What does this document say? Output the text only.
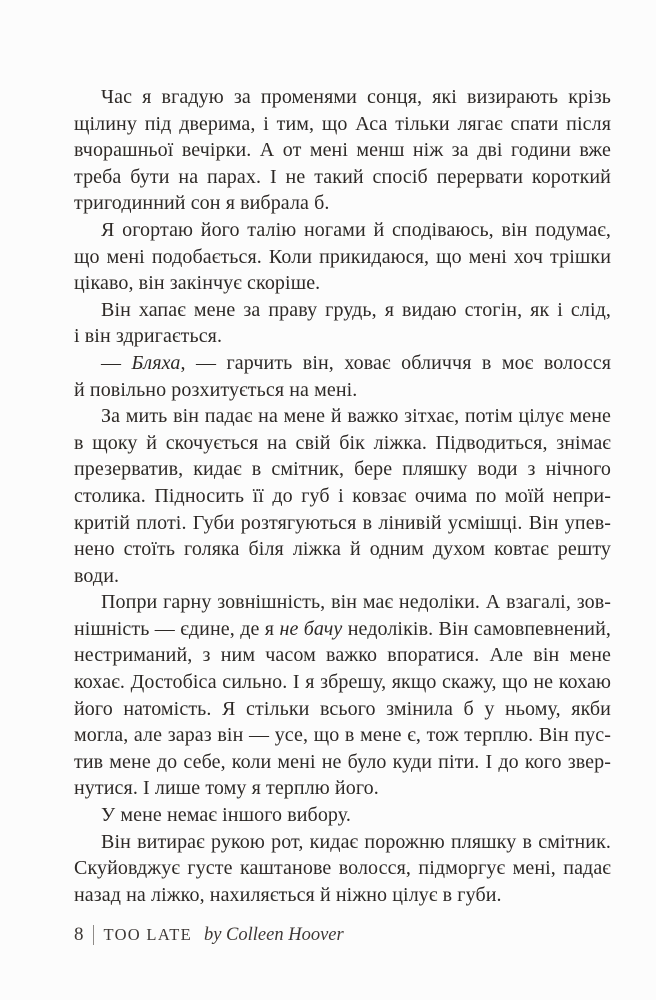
Час я вгадую за променями сонця, які визирають крізь
щілину під дверима, і тим, що Аса тільки лягає спати після
вчорашньої вечірки. А от мені менш ніж за дві години вже
треба бути на парах. І не такий спосіб перервати короткий
тригодинний сон я вибрала б.
Я огортаю його талію ногами й сподіваюсь, він подумає,
що мені подобається. Коли прикидаюся, що мені хоч трішки
цікаво, він закінчує скоріше.
Він хапає мене за праву грудь, я видаю стогін, як і слід,
і він здригається.
— Бляха, — гарчить він, ховає обличчя в моє волосся
й повільно розхитується на мені.
За мить він падає на мене й важко зітхає, потім цілує мене
в щоку й скочується на свій бік ліжка. Підводиться, знімає
презерватив, кидає в смітник, бере пляшку води з нічного
столика. Підносить її до губ і ковзає очима по моїй непри-
критій плоті. Губи розтягуються в лінивій усмішці. Він упев-
нено стоїть голяка біля ліжка й одним духом ковтає решту
води.
Попри гарну зовнішність, він має недоліки. А взагалі, зов-
нішність — єдине, де я не бачу недоліків. Він самовпевнений,
нестриманий, з ним часом важко впоратися. Але він мене
кохає. Достобіса сильно. І я збрешу, якщо скажу, що не кохаю
його натомість. Я стільки всього змінила б у ньому, якби
могла, але зараз він — усе, що в мене є, тож терплю. Він пус-
тив мене до себе, коли мені не було куди піти. І до кого звер-
нутися. І лише тому я терплю його.
У мене немає іншого вибору.
Він витирає рукою рот, кидає порожню пляшку в смітник.
Скуйовджує густе каштанове волосся, підморгує мені, падає
назад на ліжко, нахиляється й ніжно цілує в губи.
8 TOO LATE by Colleen Hoover
